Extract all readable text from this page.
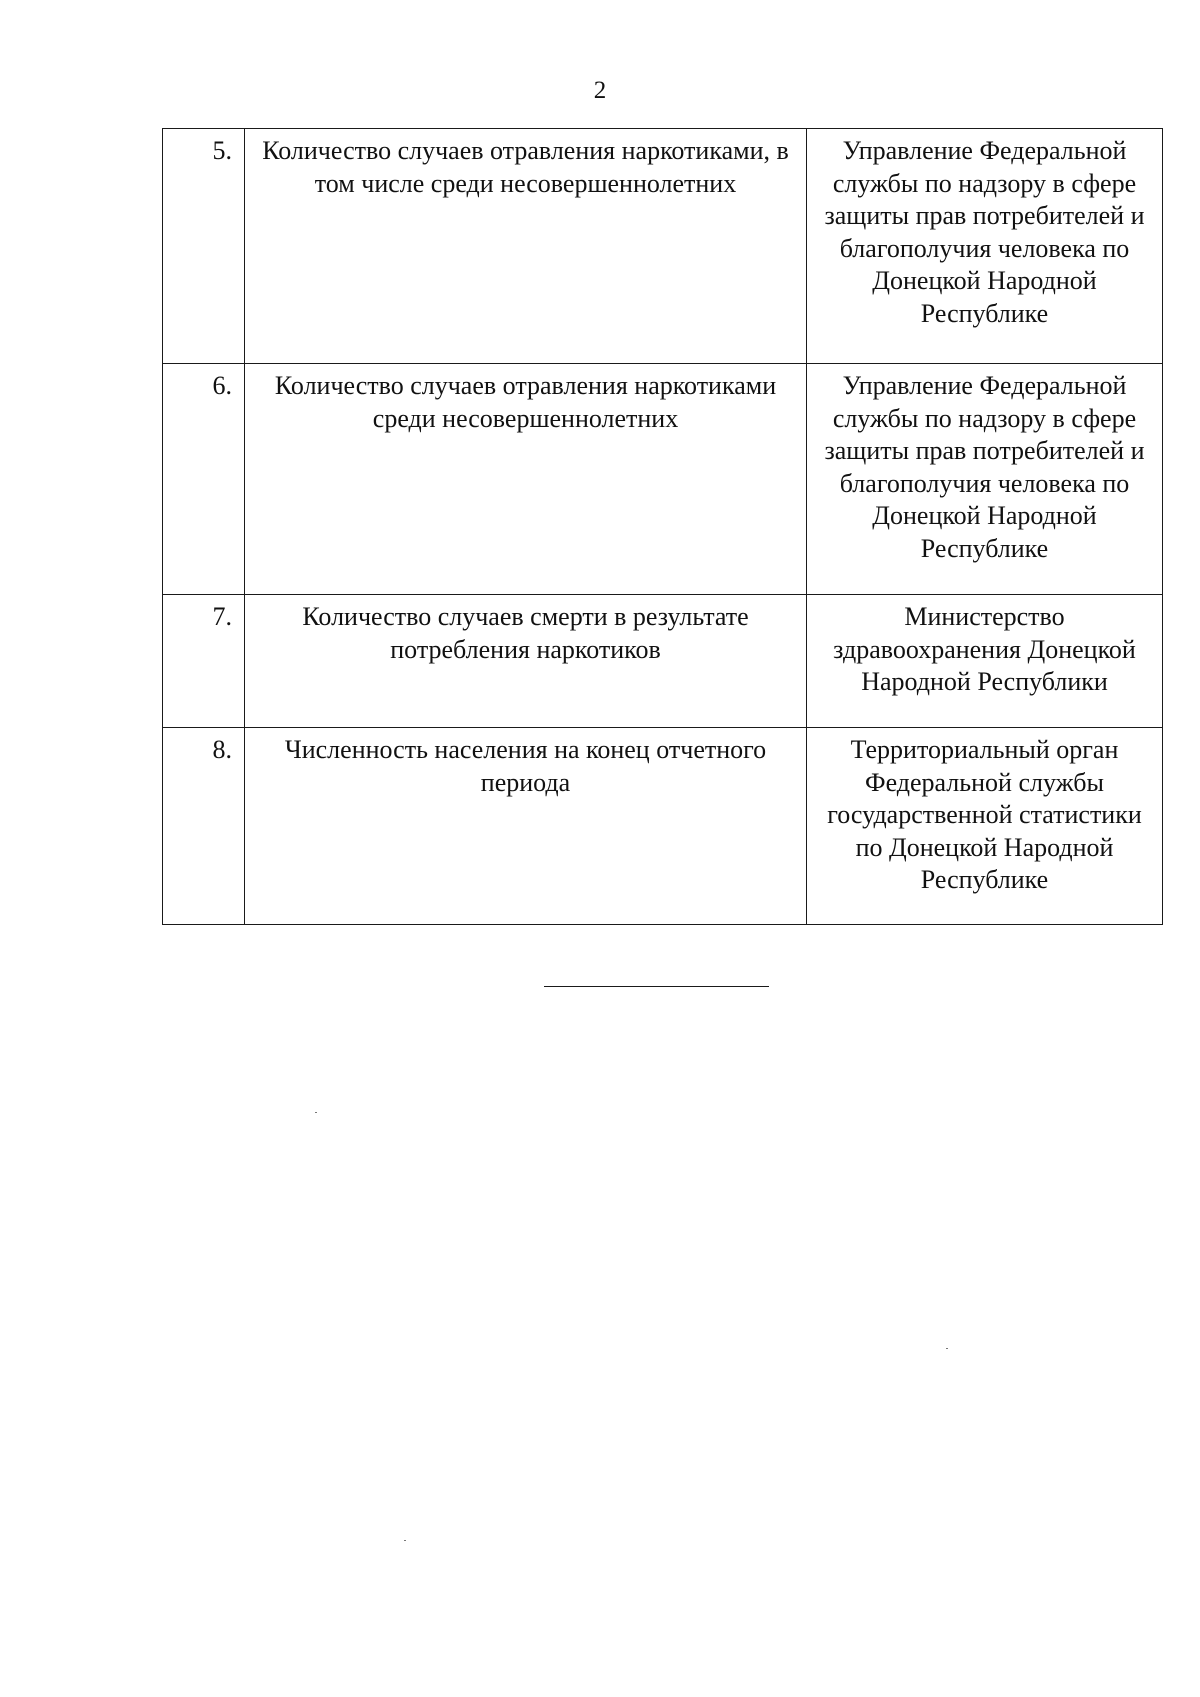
2
5.	Количество случаев отравления наркотиками, в том числе среди несовершеннолетних	Управление Федеральной службы по надзору в сфере защиты прав потребителей и благополучия человека по Донецкой Народной Республике
6.	Количество случаев отравления наркотиками среди несовершеннолетних	Управление Федеральной службы по надзору в сфере защиты прав потребителей и благополучия человека по Донецкой Народной Республике
7.	Количество случаев смерти в результате потребления наркотиков	Министерство здравоохранения Донецкой Народной Республики
8.	Численность населения на конец отчетного периода	Территориальный орган Федеральной службы государственной статистики по Донецкой Народной Республике
